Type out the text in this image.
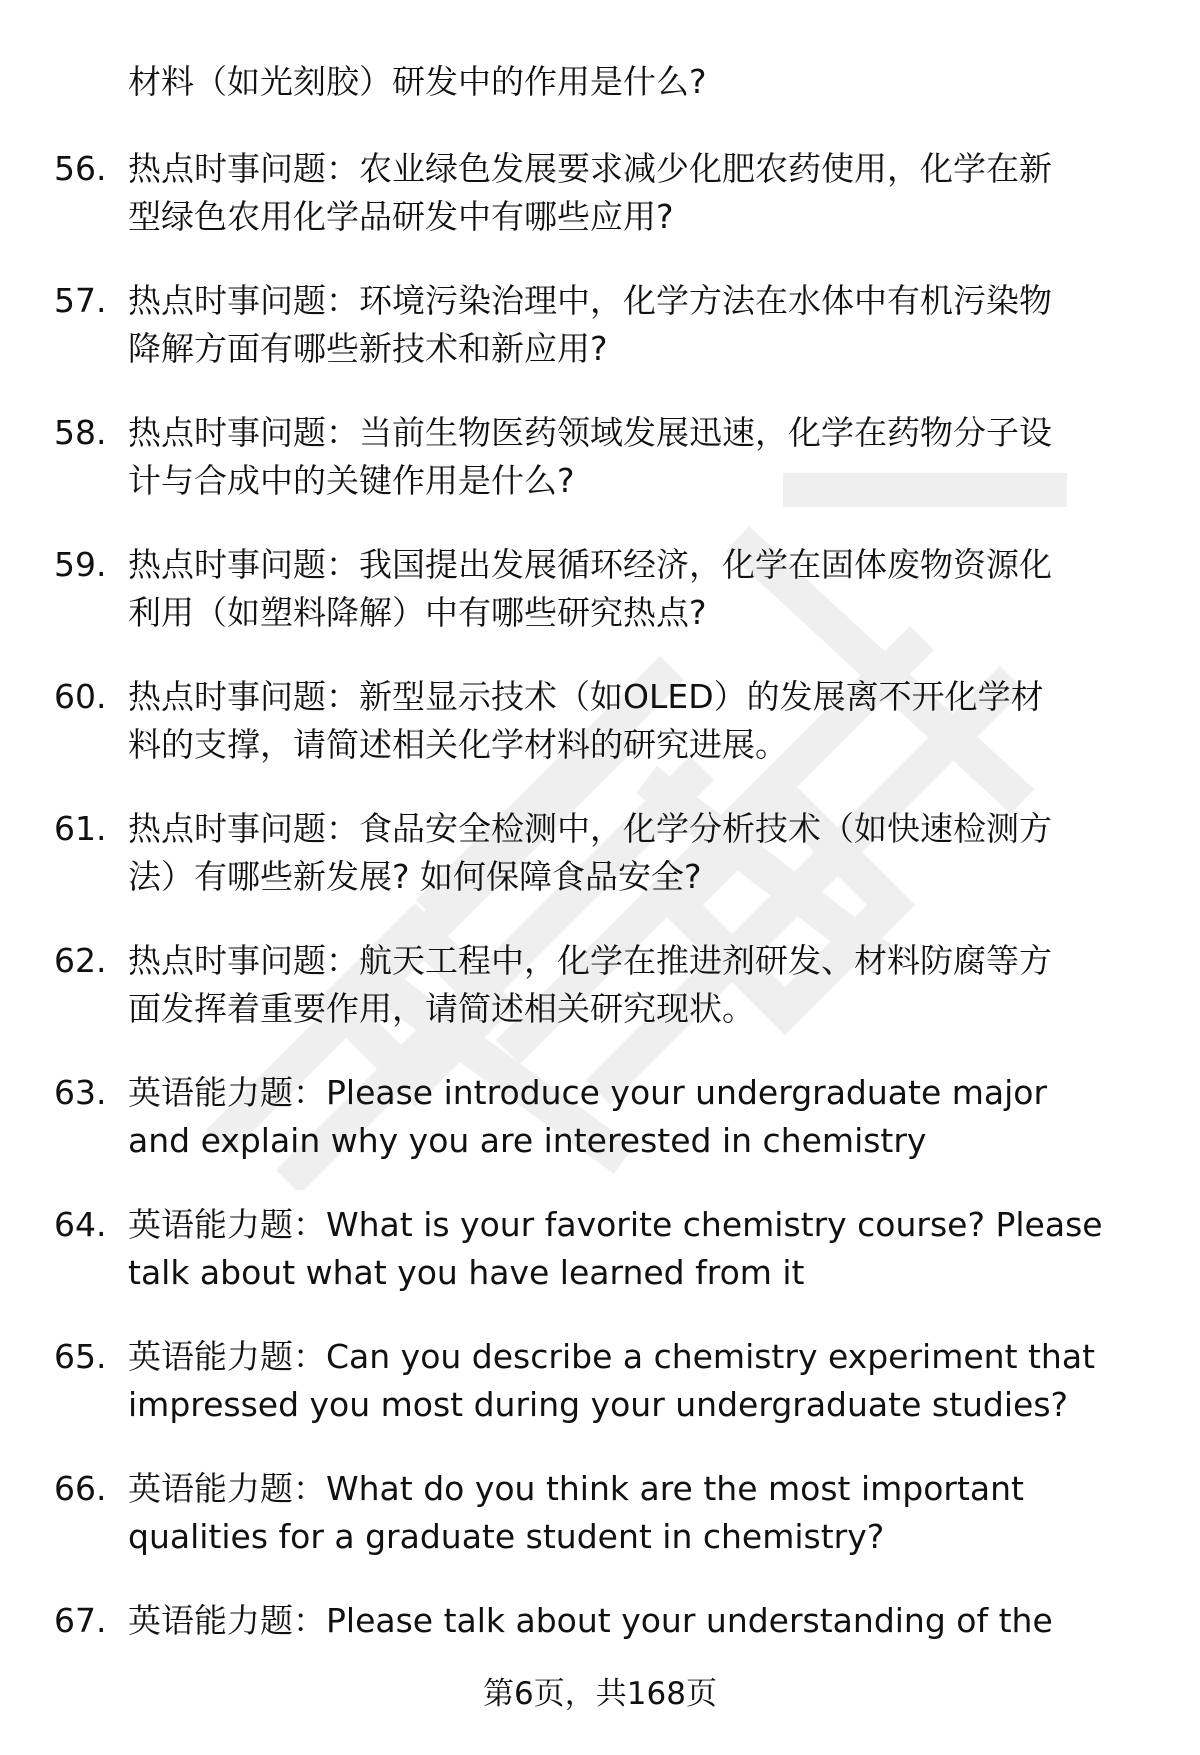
材料（如光刻胶）研发中的作用是什么?
56. 热点时事问题：农业绿色发展要求减少化肥农药使用，化学在新
型绿色农用化学品研发中有哪些应用?
57. 热点时事问题：环境污染治理中，化学方法在水体中有机污染物
降解方面有哪些新技术和新应用?
58. 热点时事问题：当前生物医药领域发展迅速，化学在药物分子设
计与合成中的关键作用是什么?
59. 热点时事问题：我国提出发展循环经济，化学在固体废物资源化
利用（如塑料降解）中有哪些研究热点?
60. 热点时事问题：新型显示技术（如OLED）的发展离不开化学材
料的支撑，请简述相关化学材料的研究进展。
61. 热点时事问题：食品安全检测中，化学分析技术（如快速检测方
法）有哪些新发展? 如何保障食品安全?
62. 热点时事问题：航天工程中，化学在推进剂研发、材料防腐等方
面发挥着重要作用，请简述相关研究现状。
63. 英语能力题：Please introduce your undergraduate major
and explain why you are interested in chemistry
64. 英语能力题：What is your favorite chemistry course? Please
talk about what you have learned from it
65. 英语能力题：Can you describe a chemistry experiment that
impressed you most during your undergraduate studies?
66. 英语能力题：What do you think are the most important
qualities for a graduate student in chemistry?
67. 英语能力题：Please talk about your understanding of the
第6页，共168页
